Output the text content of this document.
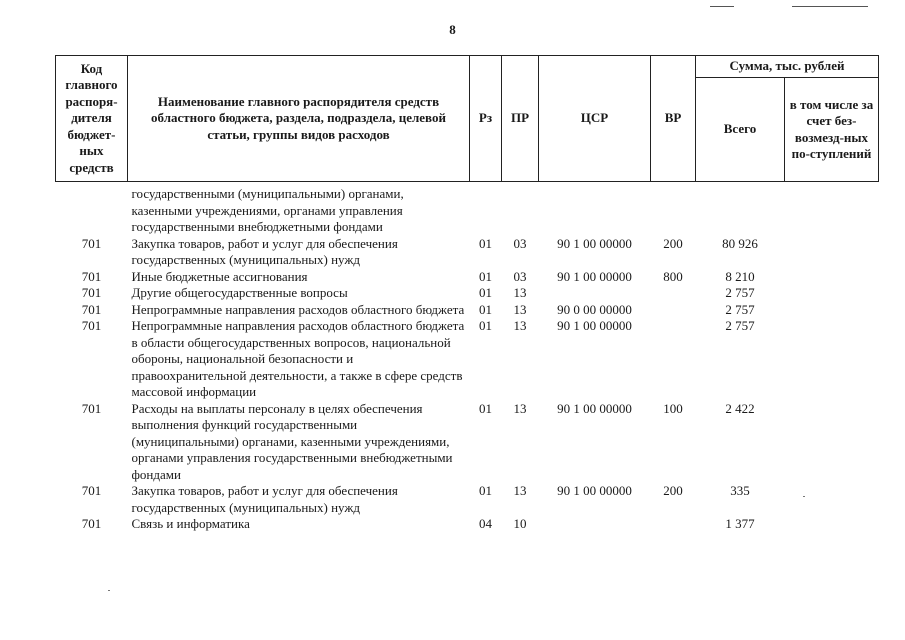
8
Код главного распоря-дителя бюджет-ных средств	Наименование главного распорядителя средств областного бюджета, раздела, подраздела, целевой статьи, группы видов расходов	Рз	ПР	ЦСР	ВР	Сумма, тыс. рублей	
						Всего	в том числе за счет без-возмезд-ных по-ступлений
	государственными (муниципальными) органами, казенными учреждениями, органами управления государственными внебюджетными фондами						
701	Закупка товаров, работ и услуг для обеспечения государственных (муниципальных) нужд	01	03	90 1 00 00000	200	80 926	
701	Иные бюджетные ассигнования	01	03	90 1 00 00000	800	8 210	
701	Другие общегосударственные вопросы	01	13			2 757	
701	Непрограммные направления расходов областного бюджета	01	13	90 0 00 00000		2 757	
701	Непрограммные направления расходов областного бюджета в области общегосударственных вопросов, национальной обороны, национальной безопасности и правоохранительной деятельности, а также в сфере средств массовой информации	01	13	90 1 00 00000		2 757	
701	Расходы на выплаты персоналу в целях обеспечения выполнения функций государственными (муниципальными) органами, казенными учреждениями, органами управления государственными внебюджетными фондами	01	13	90 1 00 00000	100	2 422	
701	Закупка товаров, работ и услуг для обеспечения государственных (муниципальных) нужд	01	13	90 1 00 00000	200	335	
701	Связь и информатика	04	10			1 377	
